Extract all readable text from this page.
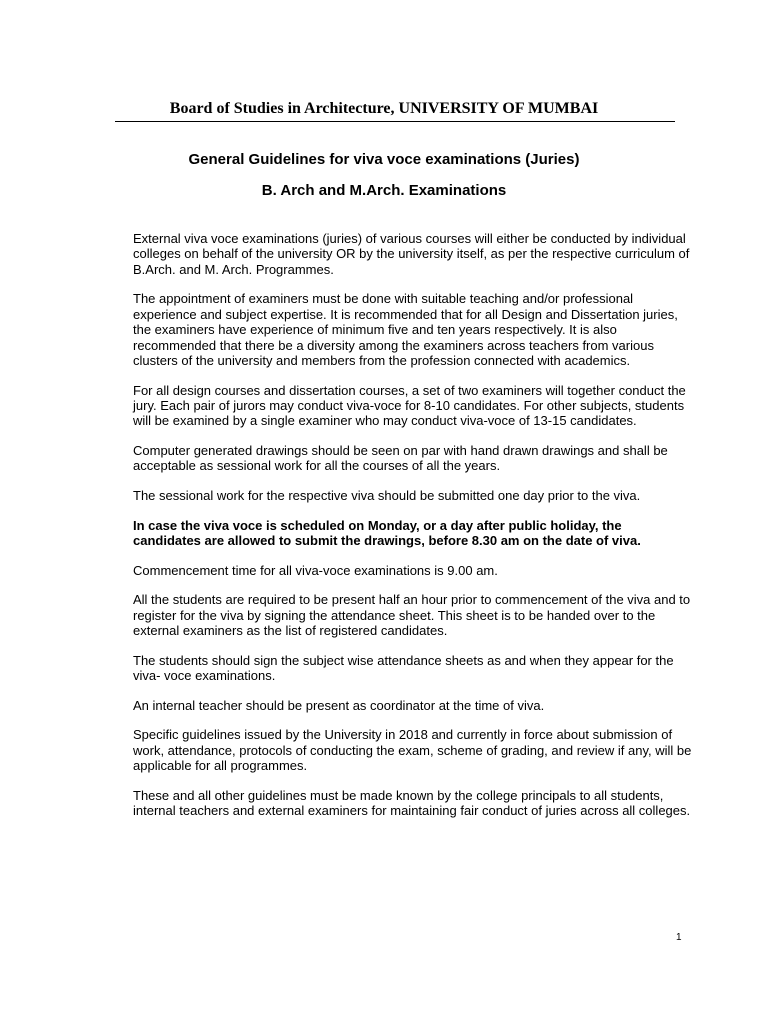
Board of Studies in Architecture, UNIVERSITY OF MUMBAI
General Guidelines for viva voce examinations (Juries)
B. Arch and M.Arch. Examinations

External viva voce examinations (juries) of various courses will either be conducted by individual colleges on behalf of the university OR by the university itself, as per the respective curriculum of B.Arch. and M. Arch. Programmes.

The appointment of examiners must be done with suitable teaching and/or professional experience and subject expertise. It is recommended that for all Design and Dissertation juries, the examiners have experience of minimum five and ten years respectively. It is also recommended that there be a diversity among the examiners across teachers from various clusters of the university and members from the profession connected with academics.

For all design courses and dissertation courses, a set of two examiners will together conduct the jury. Each pair of jurors may conduct viva-voce for 8-10 candidates. For other subjects, students will be examined by a single examiner who may conduct viva-voce of 13-15 candidates.

Computer generated drawings should be seen on par with hand drawn drawings and shall be acceptable as sessional work for all the courses of all the years.

The sessional work for the respective viva should be submitted one day prior to the viva.

In case the viva voce is scheduled on Monday, or a day after public holiday, the candidates are allowed to submit the drawings, before 8.30 am on the date of viva.

Commencement time for all viva-voce examinations is 9.00 am.

All the students are required to be present half an hour prior to commencement of the viva and to register for the viva by signing the attendance sheet. This sheet is to be handed over to the external examiners as the list of registered candidates.

The students should sign the subject wise attendance sheets as and when they appear for the viva- voce examinations.

An internal teacher should be present as coordinator at the time of viva.

Specific guidelines issued by the University in 2018 and currently in force about submission of work, attendance, protocols of conducting the exam, scheme of grading, and review if any, will be applicable for all programmes.

These and all other guidelines must be made known by the college principals to all students, internal teachers and external examiners for maintaining fair conduct of juries across all colleges.

1
